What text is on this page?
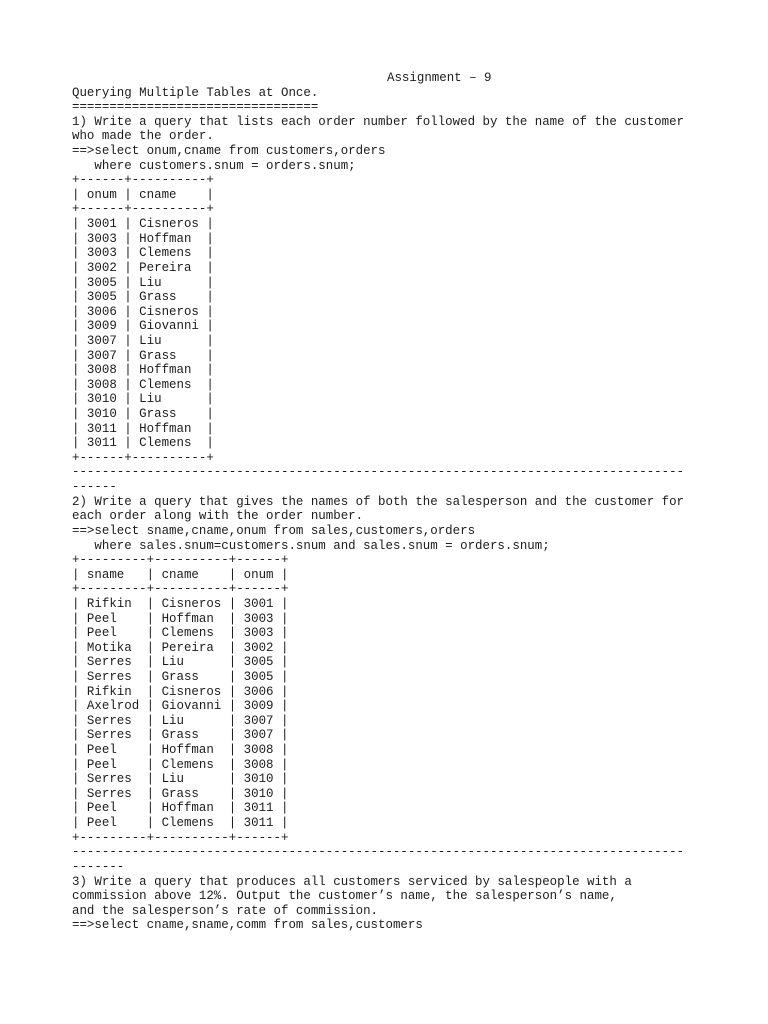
Assignment – 9
Querying Multiple Tables at Once.
=================================
1) Write a query that lists each order number followed by the name of the customer
who made the order.
==>select onum,cname from customers,orders
where customers.snum = orders.snum;
+------+----------+
| onum | cname    |
+------+----------+
| 3001 | Cisneros |
| 3003 | Hoffman  |
| 3003 | Clemens  |
| 3002 | Pereira  |
| 3005 | Liu      |
| 3005 | Grass    |
| 3006 | Cisneros |
| 3009 | Giovanni |
| 3007 | Liu      |
| 3007 | Grass    |
| 3008 | Hoffman  |
| 3008 | Clemens  |
| 3010 | Liu      |
| 3010 | Grass    |
| 3011 | Hoffman  |
| 3011 | Clemens  |
+------+----------+
----------------------------------------------------------------------------------
------
2) Write a query that gives the names of both the salesperson and the customer for
each order along with the order number.
==>select sname,cname,onum from sales,customers,orders
where sales.snum=customers.snum and sales.snum = orders.snum;
+---------+----------+------+
| sname   | cname    | onum |
+---------+----------+------+
| Rifkin  | Cisneros | 3001 |
| Peel    | Hoffman  | 3003 |
| Peel    | Clemens  | 3003 |
| Motika  | Pereira  | 3002 |
| Serres  | Liu      | 3005 |
| Serres  | Grass    | 3005 |
| Rifkin  | Cisneros | 3006 |
| Axelrod | Giovanni | 3009 |
| Serres  | Liu      | 3007 |
| Serres  | Grass    | 3007 |
| Peel    | Hoffman  | 3008 |
| Peel    | Clemens  | 3008 |
| Serres  | Liu      | 3010 |
| Serres  | Grass    | 3010 |
| Peel    | Hoffman  | 3011 |
| Peel    | Clemens  | 3011 |
+---------+----------+------+
----------------------------------------------------------------------------------
-------
3) Write a query that produces all customers serviced by salespeople with a
commission above 12%. Output the customer’s name, the salesperson’s name,
and the salesperson’s rate of commission.
==>select cname,sname,comm from sales,customers
